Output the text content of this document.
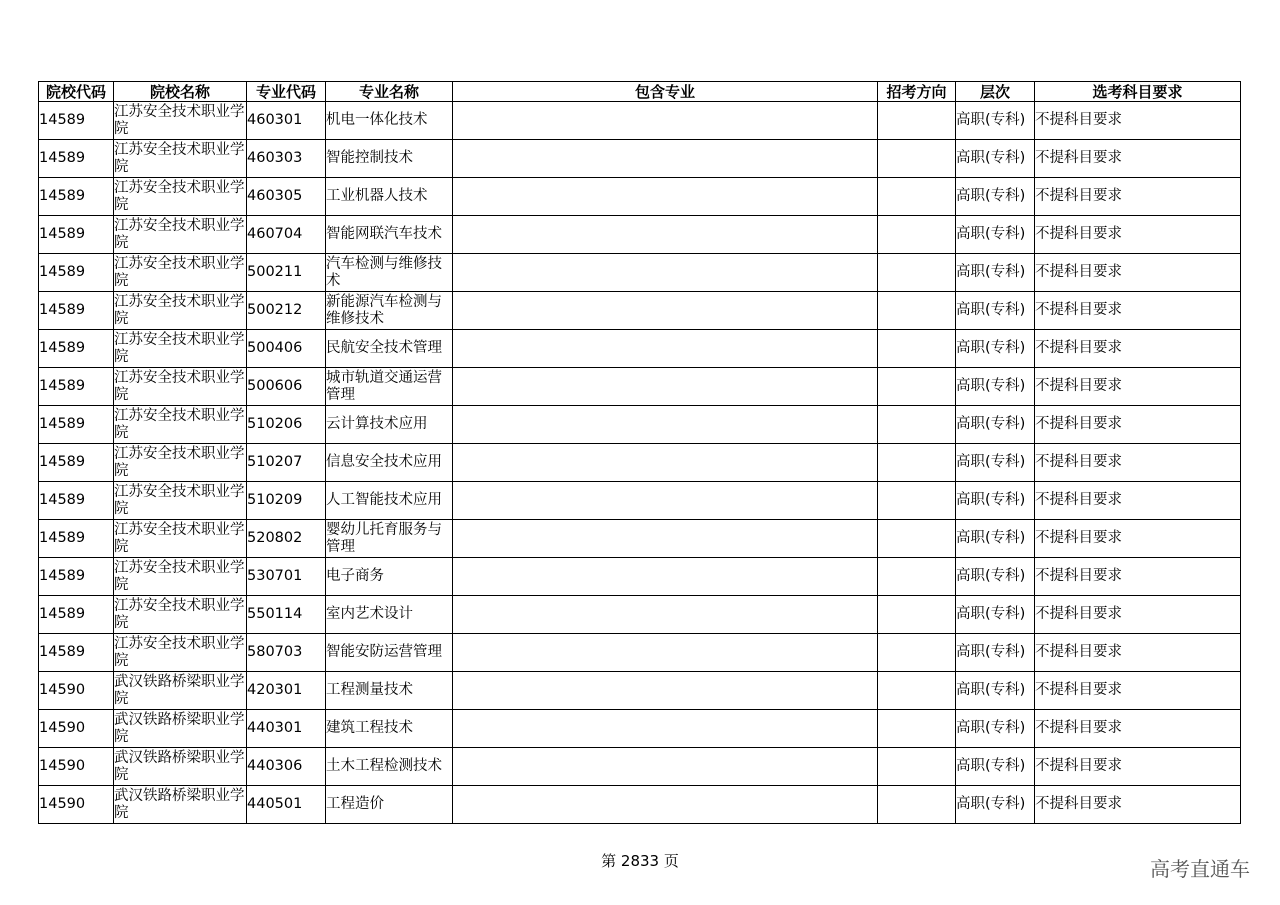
院校代码	院校名称	专业代码	专业名称	包含专业	招考方向	层次	选考科目要求
14589	江苏安全技术职业学院	460301	机电一体化技术			高职(专科)	不提科目要求
14589	江苏安全技术职业学院	460303	智能控制技术			高职(专科)	不提科目要求
14589	江苏安全技术职业学院	460305	工业机器人技术			高职(专科)	不提科目要求
14589	江苏安全技术职业学院	460704	智能网联汽车技术			高职(专科)	不提科目要求
14589	江苏安全技术职业学院	500211	汽车检测与维修技术			高职(专科)	不提科目要求
14589	江苏安全技术职业学院	500212	新能源汽车检测与维修技术			高职(专科)	不提科目要求
14589	江苏安全技术职业学院	500406	民航安全技术管理			高职(专科)	不提科目要求
14589	江苏安全技术职业学院	500606	城市轨道交通运营管理			高职(专科)	不提科目要求
14589	江苏安全技术职业学院	510206	云计算技术应用			高职(专科)	不提科目要求
14589	江苏安全技术职业学院	510207	信息安全技术应用			高职(专科)	不提科目要求
14589	江苏安全技术职业学院	510209	人工智能技术应用			高职(专科)	不提科目要求
14589	江苏安全技术职业学院	520802	婴幼儿托育服务与管理			高职(专科)	不提科目要求
14589	江苏安全技术职业学院	530701	电子商务			高职(专科)	不提科目要求
14589	江苏安全技术职业学院	550114	室内艺术设计			高职(专科)	不提科目要求
14589	江苏安全技术职业学院	580703	智能安防运营管理			高职(专科)	不提科目要求
14590	武汉铁路桥梁职业学院	420301	工程测量技术			高职(专科)	不提科目要求
14590	武汉铁路桥梁职业学院	440301	建筑工程技术			高职(专科)	不提科目要求
14590	武汉铁路桥梁职业学院	440306	土木工程检测技术			高职(专科)	不提科目要求
14590	武汉铁路桥梁职业学院	440501	工程造价			高职(专科)	不提科目要求
第 2833 页	高考直通车
